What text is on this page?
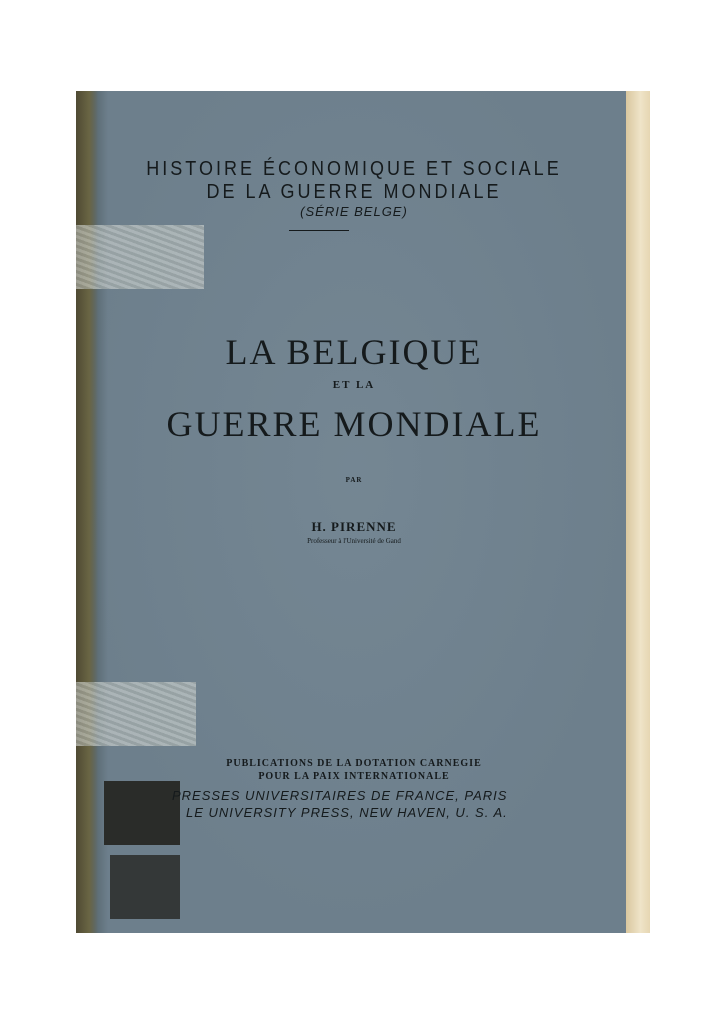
HISTOIRE ÉCONOMIQUE ET SOCIALE

DE LA GUERRE MONDIALE

(SÉRIE BELGE)

LA BELGIQUE

ET LA

GUERRE MONDIALE

PAR

H. PIRENNE

Professeur à l'Université de Gand

PUBLICATIONS DE LA DOTATION CARNEGIE

POUR LA PAIX INTERNATIONALE

PRESSES UNIVERSITAIRES DE FRANCE, PARIS

LE UNIVERSITY PRESS, NEW HAVEN, U. S. A.
